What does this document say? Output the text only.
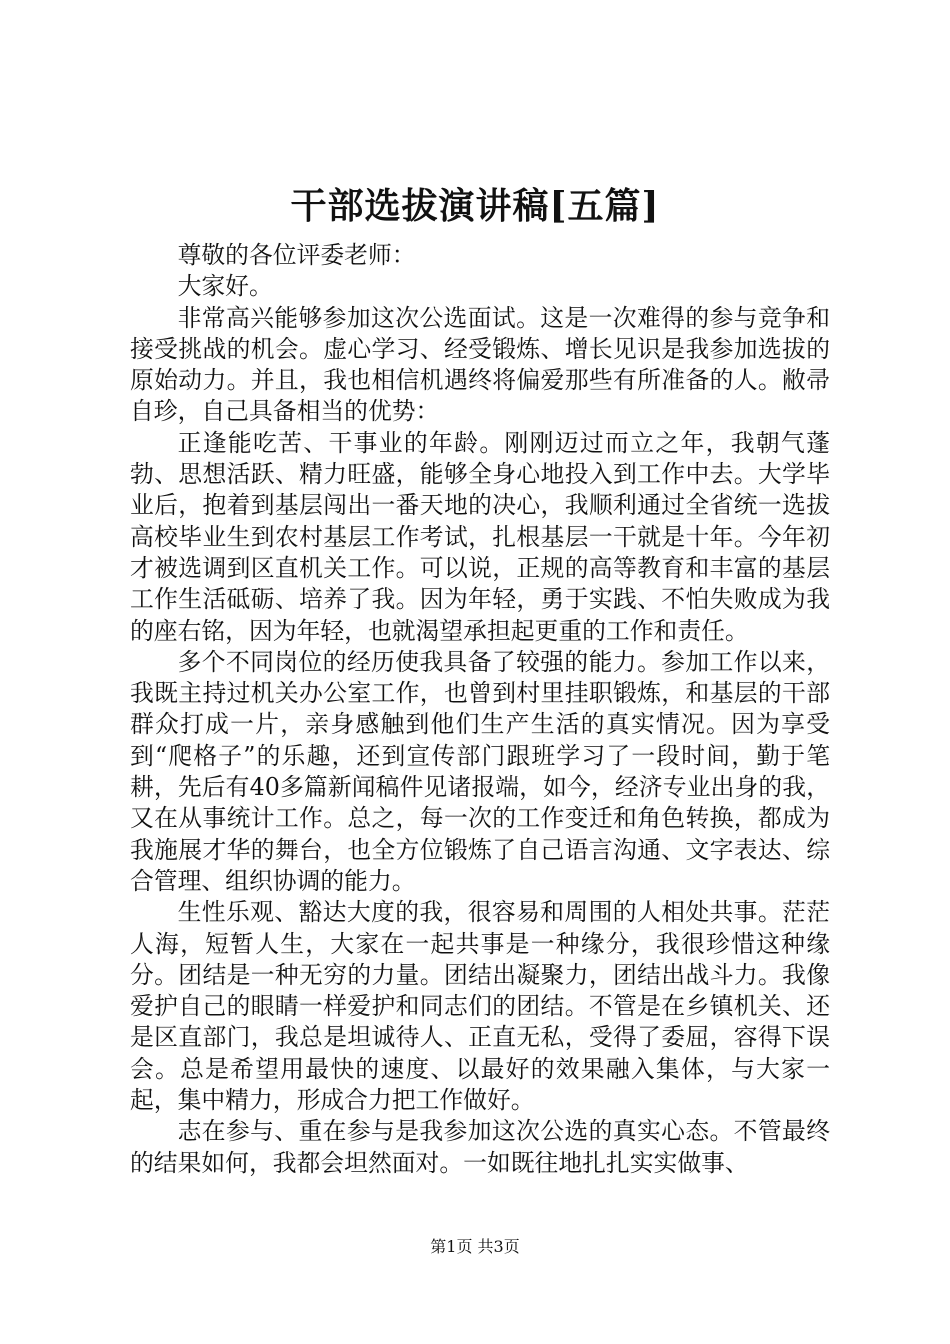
干部选拔演讲稿[五篇]

尊敬的各位评委老师：

大家好。

非常高兴能够参加这次公选面试。这是一次难得的参与竞争和接受挑战的机会。虚心学习、经受锻炼、增长见识是我参加选拔的原始动力。并且，我也相信机遇终将偏爱那些有所准备的人。敝帚自珍，自己具备相当的优势：

正逢能吃苦、干事业的年龄。刚刚迈过而立之年，我朝气蓬勃、思想活跃、精力旺盛，能够全身心地投入到工作中去。大学毕业后，抱着到基层闯出一番天地的决心，我顺利通过全省统一选拔高校毕业生到农村基层工作考试，扎根基层一干就是十年。今年初才被选调到区直机关工作。可以说，正规的高等教育和丰富的基层工作生活砥砺、培养了我。因为年轻，勇于实践、不怕失败成为我的座右铭，因为年轻，也就渴望承担起更重的工作和责任。

多个不同岗位的经历使我具备了较强的能力。参加工作以来，我既主持过机关办公室工作，也曾到村里挂职锻炼，和基层的干部群众打成一片，亲身感触到他们生产生活的真实情况。因为享受到“爬格子”的乐趣，还到宣传部门跟班学习了一段时间，勤于笔耕，先后有40多篇新闻稿件见诸报端，如今，经济专业出身的我，又在从事统计工作。总之，每一次的工作变迁和角色转换，都成为我施展才华的舞台，也全方位锻炼了自己语言沟通、文字表达、综合管理、组织协调的能力。

生性乐观、豁达大度的我，很容易和周围的人相处共事。茫茫人海，短暂人生，大家在一起共事是一种缘分，我很珍惜这种缘分。团结是一种无穷的力量。团结出凝聚力，团结出战斗力。我像爱护自己的眼睛一样爱护和同志们的团结。不管是在乡镇机关、还是区直部门，我总是坦诚待人、正直无私，受得了委屈，容得下误会。总是希望用最快的速度、以最好的效果融入集体，与大家一起，集中精力，形成合力把工作做好。

志在参与、重在参与是我参加这次公选的真实心态。不管最终的结果如何，我都会坦然面对。一如既往地扎扎实实做事、

第1页 共3页
